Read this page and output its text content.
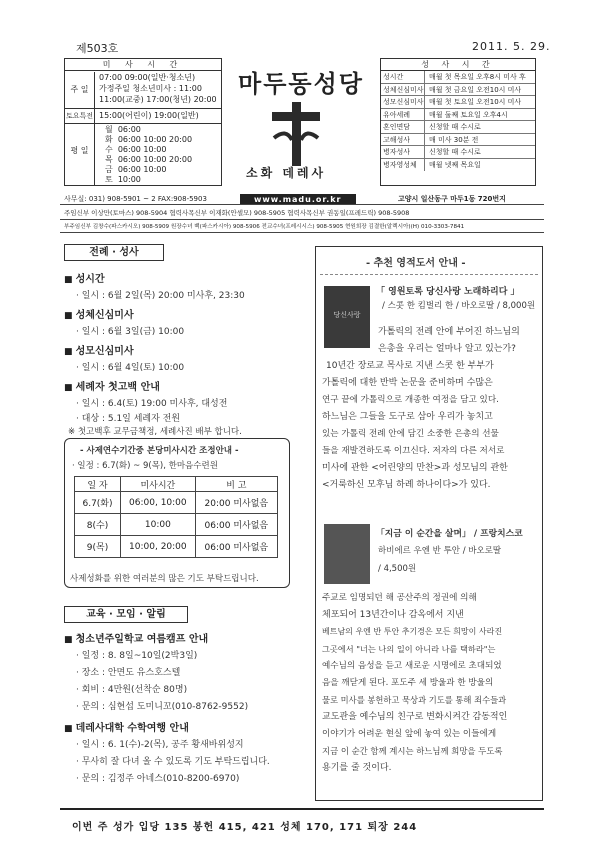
제503호	2011. 5. 29.
미 사 시 간
주 일
07:00 09:00(일반·청소년)
가정주일 청소년미사 : 11:00
11:00(교중) 17:00(청년) 20:00
토요특전 15:00(어린이) 19:00(일반)
평 일
월 06:00
화 06:00 10:00 20:00
수 06:00 10:00
목 06:00 10:00 20:00
금 06:00 10:00
토 10:00
마두동성당
소화 데레사
www.madu.or.kr
성 사 시 간
성시간	매월 첫 목요일 오후8시 미사 후
성체신심미사 매월 첫 금요일 오전10시 미사
성모신심미사 매월 첫 토요일 오전10시 미사
유아세례	매월 둘째 토요일 오후4시
혼인면담	신청할 때 수시로
고해성사	매 미사 30분 전
병자성사	신청할 때 수시로
병자영성체	매월 넷째 목요일
사무실: 031) 908-5901 ~ 2 FAX:908-5903	고양시 일산동구 마두1동 720번지
주임신부 이상만(토마스) 908-5904 협력사목신부 이재화(안셀모) 908-5905 협력사목신부 권동일(프레드릭) 908-5908
부주임신부 김창수(파스카시오) 908-5909 원장수녀 백(파스카시아) 908-5906 전교수녀(프레시시스) 908-5905 현원희장 김결한(알렉시아)(H) 010-3303-7841
전례 · 성사
■ 성시간
· 일시 : 6월 2일(목) 20:00 미사후, 23:30
■ 성체신심미사
· 일시 : 6월 3일(금) 10:00
■ 성모신심미사
· 일시 : 6월 4일(토) 10:00
■ 세례자 첫고백 안내
· 일시 : 6.4(토) 19:00 미사후, 대성전
· 대상 : 5.1일 세례자 전원
※ 첫고백후 교무금책정, 세례사진 배부 합니다.
- 사제연수기간중 본당미사시간 조정안내 -
· 일정 : 6.7(화) ~ 9(목), 한마음수련원
일 자	미사시간	비 고
6.7(화)	06:00, 10:00	20:00 미사없음
8(수)	10:00	06:00 미사없음
9(목)	10:00, 20:00	06:00 미사없음
사제성화를 위한 여러분의 많은 기도 부탁드립니다.
교육 · 모임 · 알림
■ 청소년주일학교 여름캠프 안내
· 일정 : 8. 8일~10일(2박3일)
· 장소 : 안면도 유스호스텔
· 회비 : 4만원(선착순 80명)
· 문의 : 심현섭 도미니꼬(010-8762-9552)
■ 데레사대학 수학여행 안내
· 일시 : 6. 1(수)-2(목), 공주 황새바위성지
· 무사히 잘 다녀 올 수 있도록 기도 부탁드립니다.
· 문의 : 김정주 아네스(010-8200-6970)
- 추천 영적도서 안내 -
「 영원토록 당신사랑 노래하리다 」
/ 스콧 한 킴벌리 한 / 바오로딸 / 8,000원
당신사랑
가톨릭의 전례 안에 부어진 하느님의
은총을 우리는 얼마나 알고 있는가?
10년간 장로교 목사로 지낸 스콧 한 부부가
가톨릭에 대한 반박 논문을 준비하며 수많은
연구 끝에 가톨릭으로 개종한 여정을 담고 있다.
하느님은 그들을 도구로 삼아 우리가 놓치고
있는 가톨릭 전례 안에 담긴 소중한 은총의 선물
들을 재발견하도록 이끄신다. 저자의 다른 저서로
미사에 관한 <어린양의 만찬>과 성모님의 관한
<거룩하신 모후님 하례 하나이다>가 있다.
「지금 이 순간을 살며」 / 프랑치스코
하비에르 우엔 반 투안 / 바오로딸
/ 4,500원
주교로 임명되던 해 공산주의 정권에 의해
체포되어 13년간이나 감옥에서 지낸
베트남의 우엔 반 투안 추기경은 모든 희망이 사라진
그곳에서 "너는 나의 일이 아니라 나를 택하라"는
예수님의 음성을 듣고 새로운 시명에로 초대되었
음을 깨닫게 된다. 포도주 세 방울과 한 방울의
물로 미사를 봉헌하고 묵상과 기도를 통해 죄수들과
교도관을 예수님의 친구로 변화시켜간 감동적인
이야기가 어려운 현실 앞에 놓여 있는 이들에게
지금 이 순간 함께 계시는 하느님께 희망을 두도록
용기를 줄 것이다.
이번 주 성가 입당 135 봉헌 415, 421 성체 170, 171 퇴장 244
